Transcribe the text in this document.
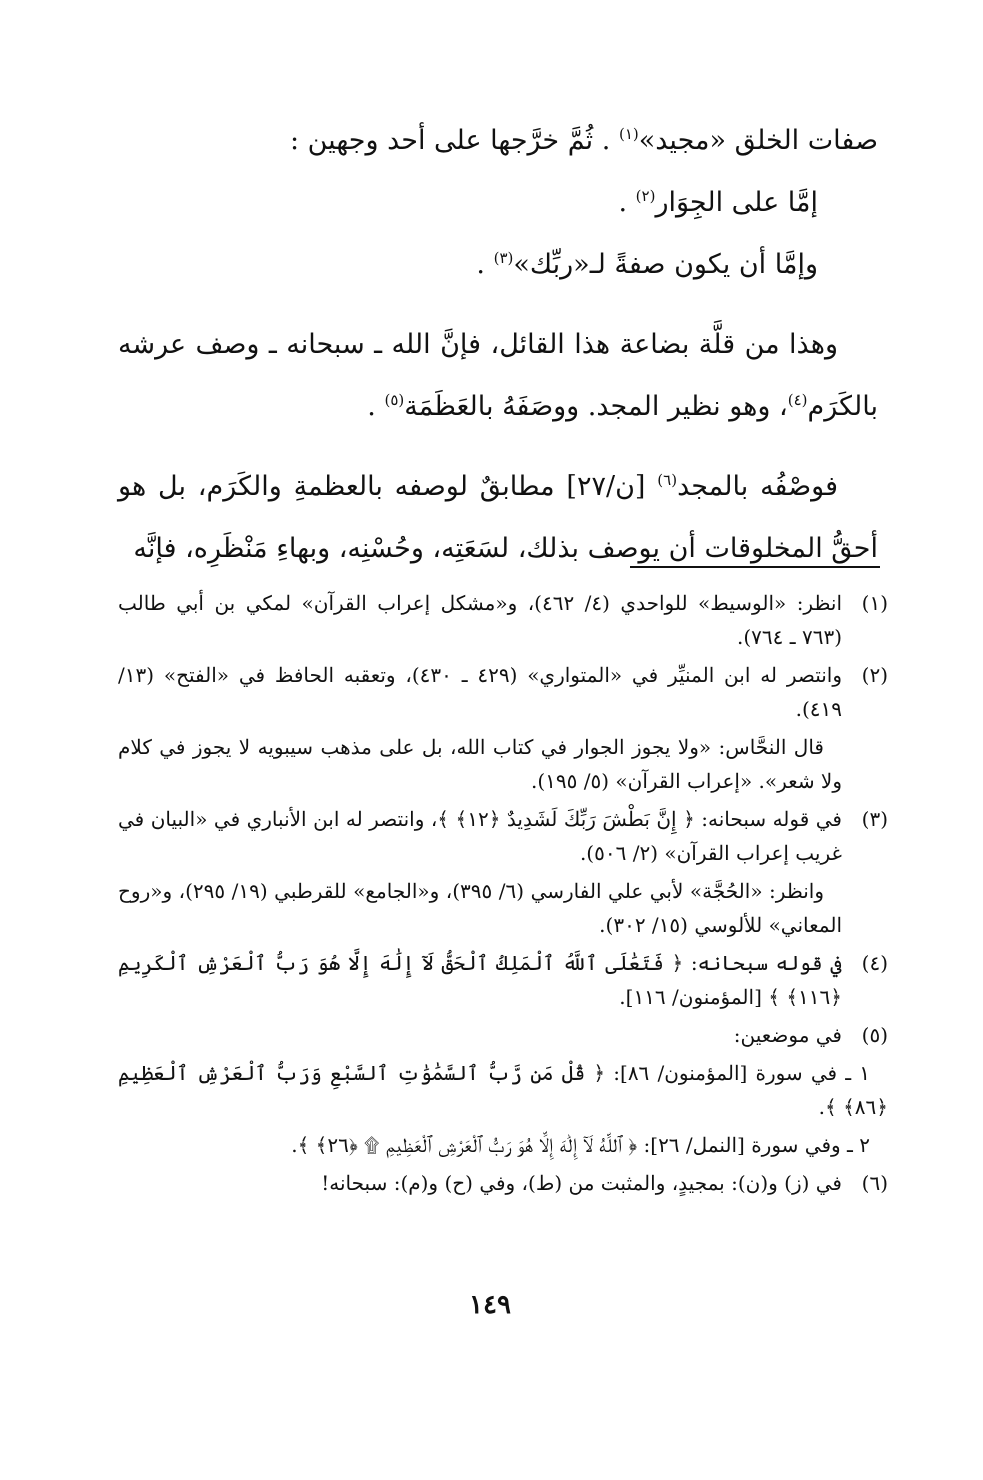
صفات الخلق «مجيد»$^{(١)}$ . ثُمَّ خرَّجها على أحد وجهين :

إمَّا على الجِوَار$^{(٢)}$ .

وإمَّا أن يكون صفةً لـ«ربِّك»$^{(٣)}$ .

وهذا من قلَّة بضاعة هذا القائل، فإنَّ الله ـ سبحانه ـ وصف عرشه بالكَرَم$^{(٤)}$، وهو نظير المجد. ووصَفَهُ بالعَظَمَة$^{(٥)}$ .

فوصْفُه بالمجد$^{(٦)}$ [ن/٢٧] مطابقٌ لوصفه بالعظمةِ والكَرَم، بل هو أحقُّ المخلوقات أن يوصف بذلك، لسَعَتِه، وحُسْنِه، وبهاءِ مَنْظَرِه، فإنَّه

(١)
انظر: «الوسيط» للواحدي (٤/ ٤٦٢)، و«مشكل إعراب القرآن» لمكي بن أبي طالب (٧٦٣ ـ ٧٦٤).
(٢)
وانتصر له ابن المنيِّر في «المتواري» (٤٢٩ ـ ٤٣٠)، وتعقبه الحافظ في «الفتح» (١٣/ ٤١٩).
قال النحَّاس: «ولا يجوز الجوار في كتاب الله، بل على مذهب سيبويه لا يجوز في كلام ولا شعر». «إعراب القرآن» (٥/ ١٩٥).
(٣)
في قوله سبحانه: ﴿ إِنَّ بَطْشَ رَبِّكَ لَشَدِيدٌ ﴿١٢﴾ ﴾، وانتصر له ابن الأنباري في «البيان في غريب إعراب القرآن» (٢/ ٥٠٦).
وانظر: «الحُجَّة» لأبي علي الفارسي (٦/ ٣٩٥)، و«الجامع» للقرطبي (١٩/ ٢٩٥)، و«روح المعاني» للألوسي (١٥/ ٣٠٢).
(٤)
في قوله سبحانه: ﴿ فَتَعَٰلَى ٱللَّهُ ٱلْمَلِكُ ٱلْحَقُّ لَآ إِلَٰهَ إِلَّا هُوَ رَبُّ ٱلْعَرْشِ ٱلْكَرِيمِ ﴿١١٦﴾ ﴾ [المؤمنون/ ١١٦].
(٥)
في موضعين:
١ ـ في سورة [المؤمنون/ ٨٦]: ﴿ قُلْ مَن رَّبُّ ٱلسَّمَٰوَٰتِ ٱلسَّبْعِ وَرَبُّ ٱلْعَرْشِ ٱلْعَظِيمِ ﴿٨٦﴾ ﴾.
٢ ـ وفي سورة [النمل/ ٢٦]: ﴿ ٱللَّهُ لَآ إِلَٰهَ إِلَّا هُوَ رَبُّ ٱلْعَرْشِ ٱلْعَظِيمِ ۩ ﴿٢٦﴾ ﴾.
(٦)
في (ز) و(ن): بمجيدٍ، والمثبت من (ط)، وفي (ح) و(م): سبحانه!
١٤٩
